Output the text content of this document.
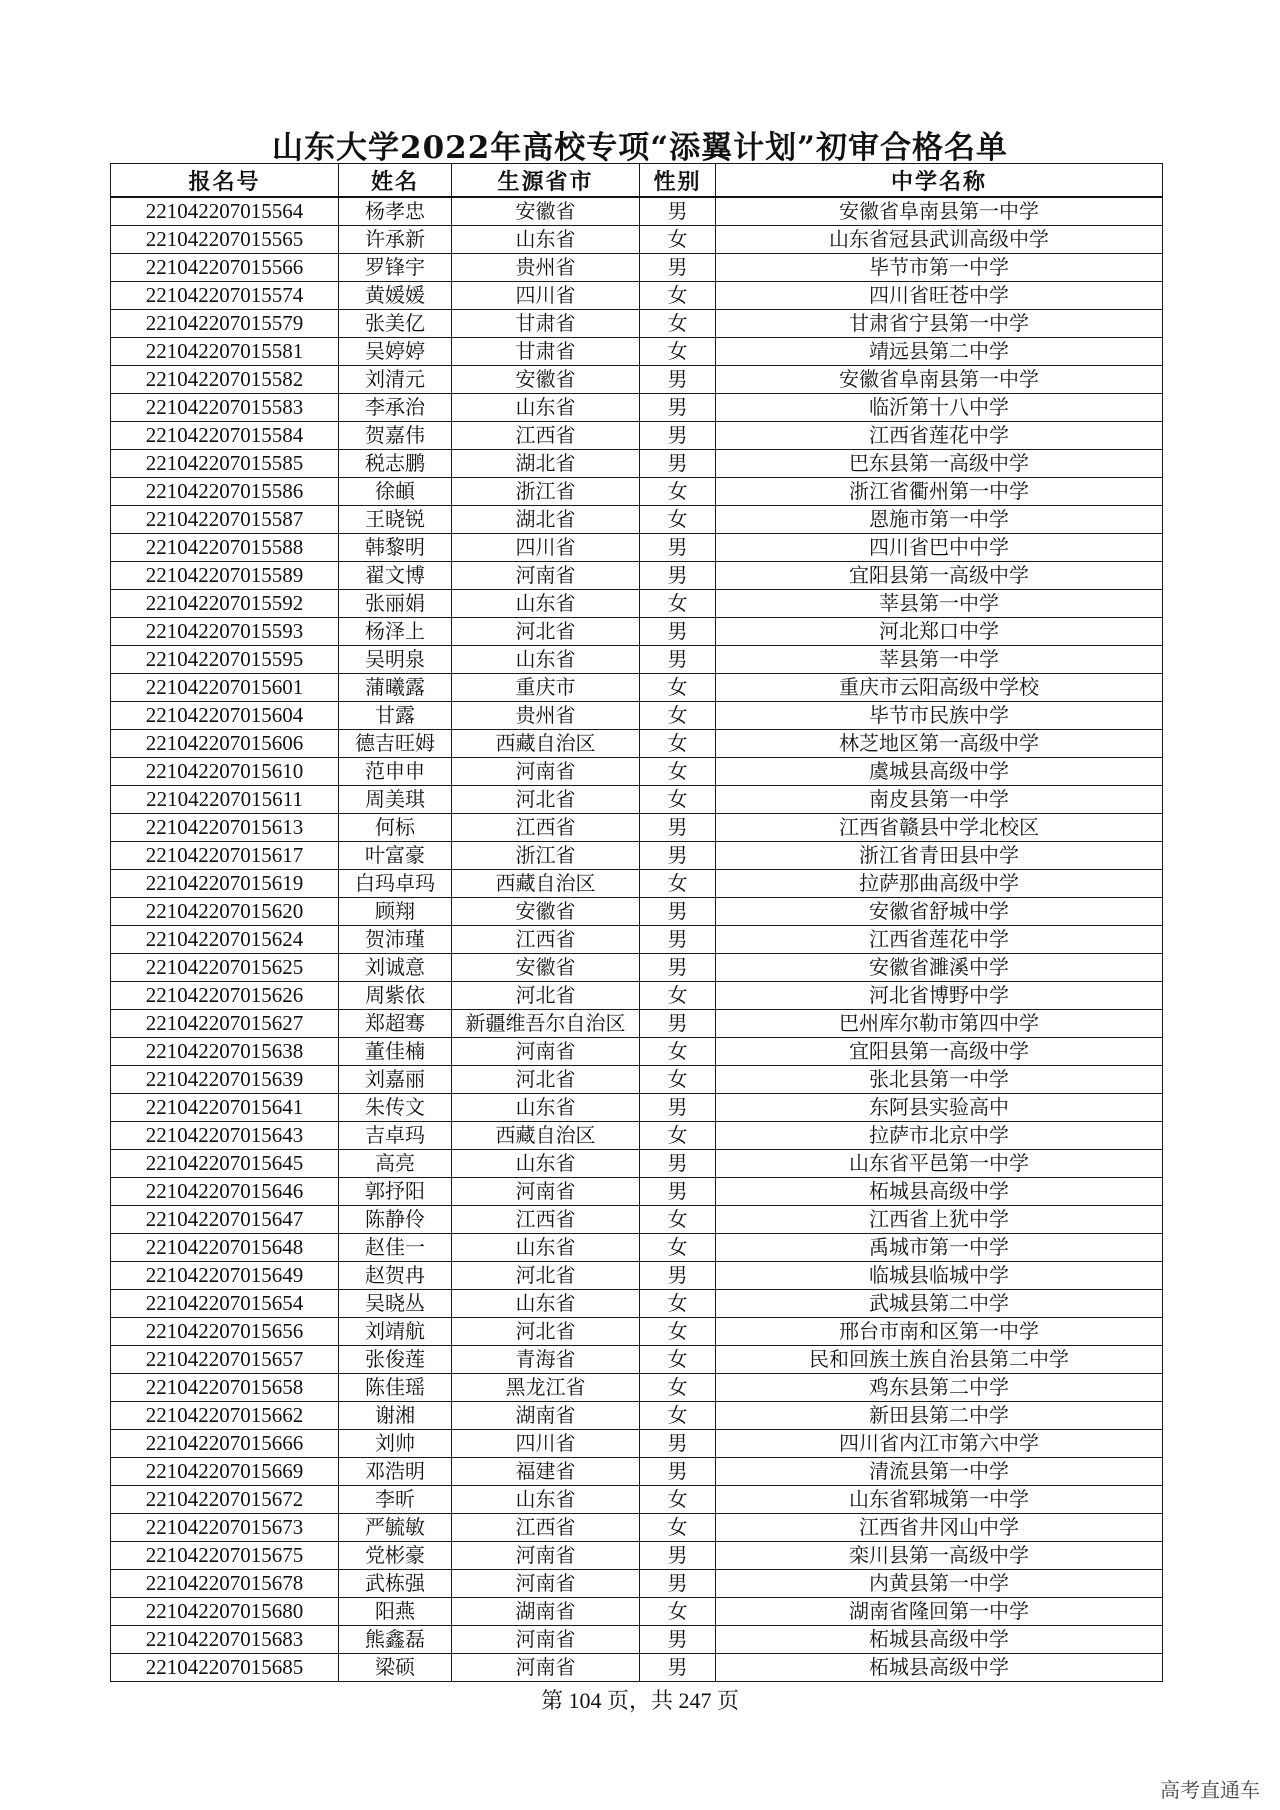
山东大学2022年高校专项“添翼计划”初审合格名单
报名号	姓名	生源省市	性别	中学名称
221042207015564	杨孝忠	安徽省	男	安徽省阜南县第一中学
221042207015565	许承新	山东省	女	山东省冠县武训高级中学
221042207015566	罗锋宇	贵州省	男	毕节市第一中学
221042207015574	黄媛媛	四川省	女	四川省旺苍中学
221042207015579	张美亿	甘肃省	女	甘肃省宁县第一中学
221042207015581	吴婷婷	甘肃省	女	靖远县第二中学
221042207015582	刘清元	安徽省	男	安徽省阜南县第一中学
221042207015583	李承治	山东省	男	临沂第十八中学
221042207015584	贺嘉伟	江西省	男	江西省莲花中学
221042207015585	税志鹏	湖北省	男	巴东县第一高级中学
221042207015586	徐頔	浙江省	女	浙江省衢州第一中学
221042207015587	王晓锐	湖北省	女	恩施市第一中学
221042207015588	韩黎明	四川省	男	四川省巴中中学
221042207015589	翟文博	河南省	男	宜阳县第一高级中学
221042207015592	张丽娟	山东省	女	莘县第一中学
221042207015593	杨泽上	河北省	男	河北郑口中学
221042207015595	吴明泉	山东省	男	莘县第一中学
221042207015601	蒲曦露	重庆市	女	重庆市云阳高级中学校
221042207015604	甘露	贵州省	女	毕节市民族中学
221042207015606	德吉旺姆	西藏自治区	女	林芝地区第一高级中学
221042207015610	范申申	河南省	女	虞城县高级中学
221042207015611	周美琪	河北省	女	南皮县第一中学
221042207015613	何标	江西省	男	江西省赣县中学北校区
221042207015617	叶富豪	浙江省	男	浙江省青田县中学
221042207015619	白玛卓玛	西藏自治区	女	拉萨那曲高级中学
221042207015620	顾翔	安徽省	男	安徽省舒城中学
221042207015624	贺沛瑾	江西省	男	江西省莲花中学
221042207015625	刘诚意	安徽省	男	安徽省濉溪中学
221042207015626	周紫依	河北省	女	河北省博野中学
221042207015627	郑超骞	新疆维吾尔自治区	男	巴州库尔勒市第四中学
221042207015638	董佳楠	河南省	女	宜阳县第一高级中学
221042207015639	刘嘉丽	河北省	女	张北县第一中学
221042207015641	朱传文	山东省	男	东阿县实验高中
221042207015643	吉卓玛	西藏自治区	女	拉萨市北京中学
221042207015645	高亮	山东省	男	山东省平邑第一中学
221042207015646	郭抒阳	河南省	男	柘城县高级中学
221042207015647	陈静伶	江西省	女	江西省上犹中学
221042207015648	赵佳一	山东省	女	禹城市第一中学
221042207015649	赵贺冉	河北省	男	临城县临城中学
221042207015654	吴晓丛	山东省	女	武城县第二中学
221042207015656	刘靖航	河北省	女	邢台市南和区第一中学
221042207015657	张俊莲	青海省	女	民和回族土族自治县第二中学
221042207015658	陈佳瑶	黑龙江省	女	鸡东县第二中学
221042207015662	谢湘	湖南省	女	新田县第二中学
221042207015666	刘帅	四川省	男	四川省内江市第六中学
221042207015669	邓浩明	福建省	男	清流县第一中学
221042207015672	李昕	山东省	女	山东省郓城第一中学
221042207015673	严毓敏	江西省	女	江西省井冈山中学
221042207015675	党彬豪	河南省	男	栾川县第一高级中学
221042207015678	武栋强	河南省	男	内黄县第一中学
221042207015680	阳燕	湖南省	女	湖南省隆回第一中学
221042207015683	熊鑫磊	河南省	男	柘城县高级中学
221042207015685	梁硕	河南省	男	柘城县高级中学
第 104 页，共 247 页
高考直通车
